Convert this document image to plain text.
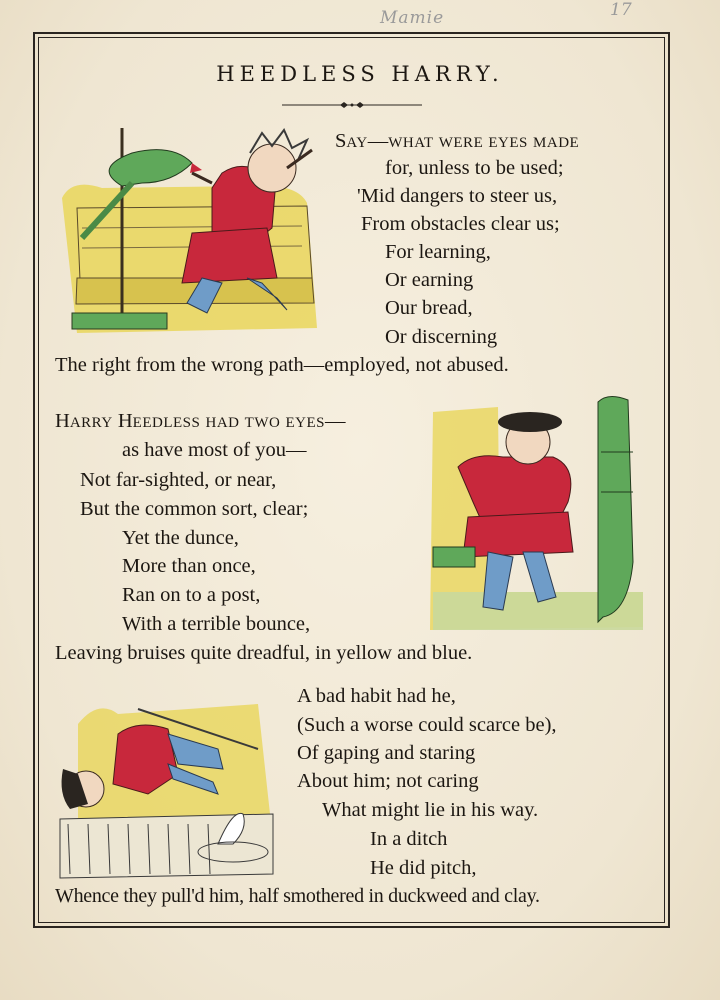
Mamie	17
HEEDLESS HARRY.
SAY—WHAT WERE EYES MADE
for, unless to be used;
'Mid dangers to steer us,
From obstacles clear us;
For learning,
Or earning
Our bread,
Or discerning
The right from the wrong path—employed, not abused.
HARRY HEEDLESS HAD TWO EYES—
as have most of you—
Not far-sighted, or near,
But the common sort, clear;
Yet the dunce,
More than once,
Ran on to a post,
With a terrible bounce,
Leaving bruises quite dreadful, in yellow and blue.
A bad habit had he,
(Such a worse could scarce be),
Of gaping and staring
About him; not caring
What might lie in his way.
In a ditch
He did pitch,
Whence they pull'd him, half smothered in duckweed and clay.
